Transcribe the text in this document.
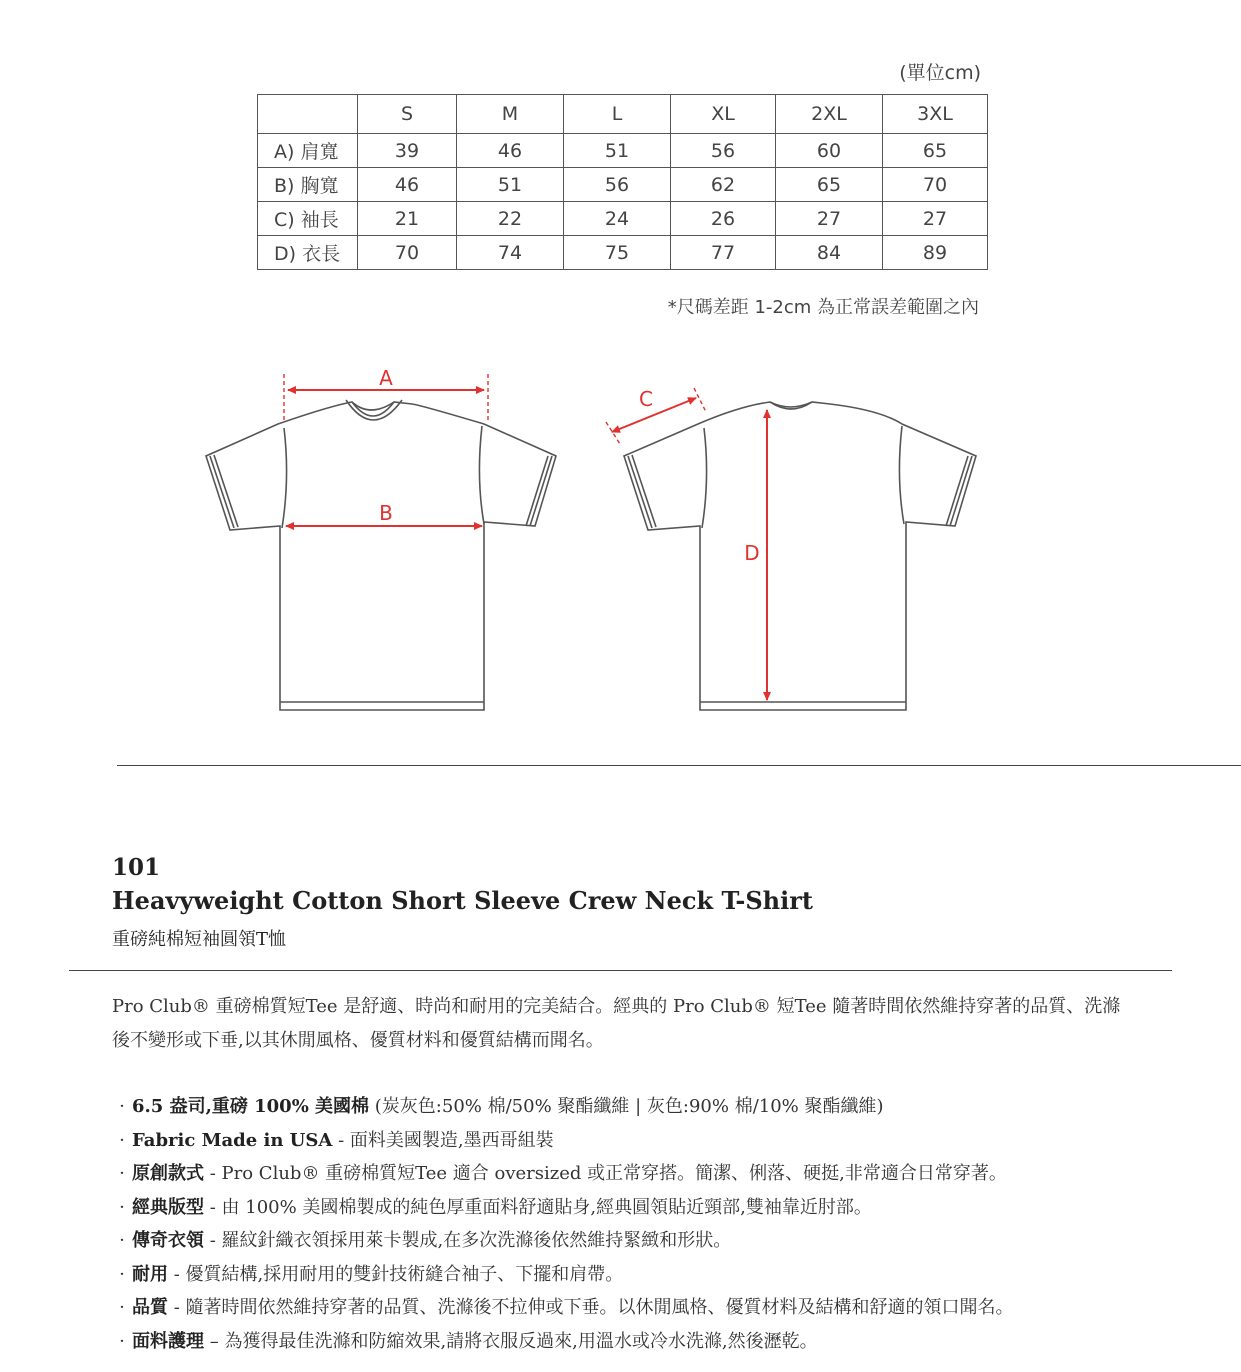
(單位cm)
	S	M	L	XL	2XL	3XL
A) 肩寬	39	46	51	56	60	65
B) 胸寬	46	51	56	62	65	70
C) 袖長	21	22	24	26	27	27
D) 衣長	70	74	75	77	84	89
*尺碼差距 1-2cm 為正常誤差範圍之內
A
B
C
D
101
Heavyweight Cotton Short Sleeve Crew Neck T-Shirt
重磅純棉短袖圓領T恤

Pro Club® 重磅棉質短Tee 是舒適、時尚和耐用的完美結合。經典的 Pro Club® 短Tee 隨著時間依然維持穿著的品質、洗滌後不變形或下垂,以其休閒風格、優質材料和優質結構而聞名。

· 6.5 盎司,重磅 100% 美國棉 (炭灰色:50% 棉/50% 聚酯纖維 | 灰色:90% 棉/10% 聚酯纖維)
· Fabric Made in USA - 面料美國製造,墨西哥組裝
· 原創款式 - Pro Club® 重磅棉質短Tee 適合 oversized 或正常穿搭。簡潔、俐落、硬挺,非常適合日常穿著。
· 經典版型 - 由 100% 美國棉製成的純色厚重面料舒適貼身,經典圓領貼近頸部,雙袖靠近肘部。
· 傳奇衣領 - 羅紋針織衣領採用萊卡製成,在多次洗滌後依然維持緊緻和形狀。
· 耐用 - 優質結構,採用耐用的雙針技術縫合袖子、下擺和肩帶。
· 品質 - 隨著時間依然維持穿著的品質、洗滌後不拉伸或下垂。以休閒風格、優質材料及結構和舒適的領口聞名。
· 面料護理 – 為獲得最佳洗滌和防縮效果,請將衣服反過來,用溫水或冷水洗滌,然後瀝乾。
